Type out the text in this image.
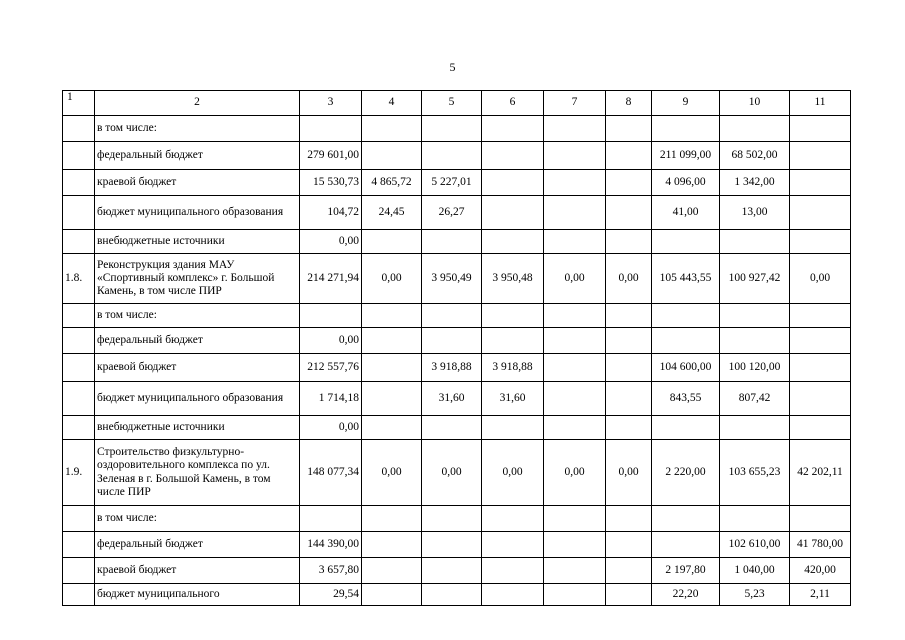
5
1	2	3	4	5	6	7	8	9	10	11
	в том числе:									
	федеральный бюджет	279 601,00						211 099,00	68 502,00	
	краевой бюджет	15 530,73	4 865,72	5 227,01				4 096,00	1 342,00	
	бюджет муниципального образования	104,72	24,45	26,27				41,00	13,00	
	внебюджетные источники	0,00								
1.8.	Реконструкция здания МАУ «Спортивный комплекс» г. Большой Камень, в том числе ПИР	214 271,94	0,00	3 950,49	3 950,48	0,00	0,00	105 443,55	100 927,42	0,00
	в том числе:									
	федеральный бюджет	0,00								
	краевой бюджет	212 557,76		3 918,88	3 918,88			104 600,00	100 120,00	
	бюджет муниципального образования	1 714,18		31,60	31,60			843,55	807,42	
	внебюджетные источники	0,00								
1.9.	Строительство физкультурно-оздоровительного комплекса по ул. Зеленая в г. Большой Камень, в том числе ПИР	148 077,34	0,00	0,00	0,00	0,00	0,00	2 220,00	103 655,23	42 202,11
	в том числе:									
	федеральный бюджет	144 390,00							102 610,00	41 780,00
	краевой бюджет	3 657,80						2 197,80	1 040,00	420,00
	бюджет муниципального	29,54						22,20	5,23	2,11
